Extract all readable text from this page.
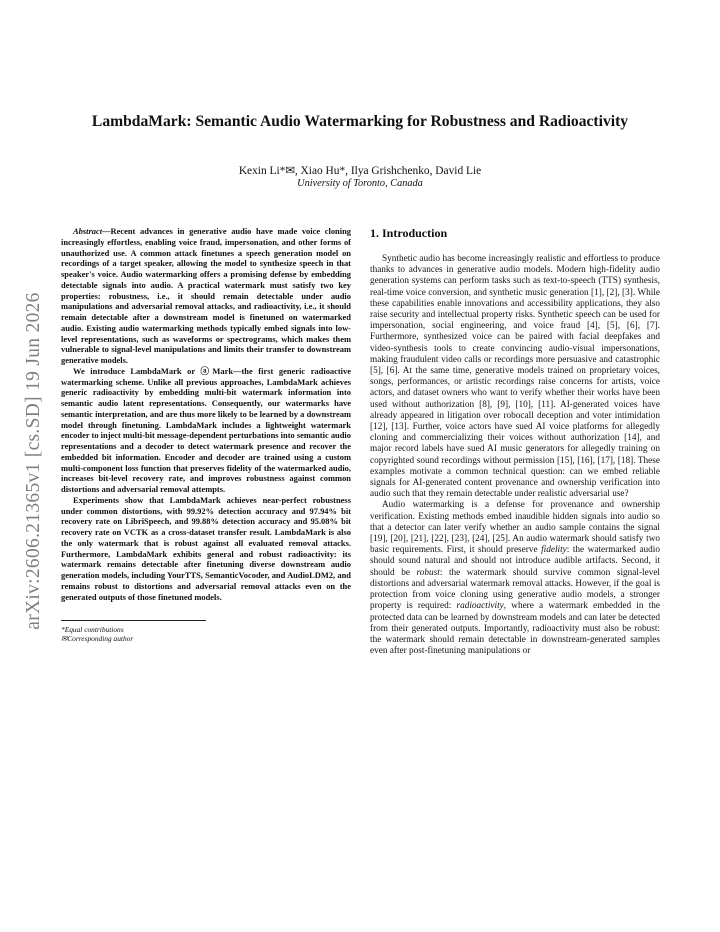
arXiv:2606.21365v1 [cs.SD] 19 Jun 2026
LambdaMark: Semantic Audio Watermarking for Robustness and Radioactivity
Kexin Li*✉, Xiao Hu*, Ilya Grishchenko, David Lie
University of Toronto, Canada

Abstract—Recent advances in generative audio have made voice cloning increasingly effortless, enabling voice fraud, impersonation, and other forms of unauthorized use. A common attack finetunes a speech generation model on recordings of a target speaker, allowing the model to synthesize speech in that speaker's voice. Audio watermarking offers a promising defense by embedding detectable signals into audio. A practical watermark must satisfy two key properties: robustness, i.e., it should remain detectable under audio manipulations and adversarial removal attacks, and radioactivity, i.e., it should remain detectable after a downstream model is finetuned on watermarked audio. Existing audio watermarking methods typically embed signals into low-level representations, such as waveforms or spectrograms, which makes them vulnerable to signal-level manipulations and limits their transfer to downstream generative models.

We introduce LambdaMark or ⓐMark—the first generic radioactive watermarking scheme. Unlike all previous approaches, LambdaMark achieves generic radioactivity by embedding multi-bit watermark information into semantic audio latent representations. Consequently, our watermarks have semantic interpretation, and are thus more likely to be learned by a downstream model through finetuning. LambdaMark includes a lightweight watermark encoder to inject multi-bit message-dependent perturbations into semantic audio representations and a decoder to detect watermark presence and recover the embedded bit information. Encoder and decoder are trained using a custom multi-component loss function that preserves fidelity of the watermarked audio, increases bit-level recovery rate, and improves robustness against common distortions and adversarial removal attempts.

Experiments show that LambdaMark achieves near-perfect robustness under common distortions, with 99.92% detection accuracy and 97.94% bit recovery rate on LibriSpeech, and 99.88% detection accuracy and 95.08% bit recovery rate on VCTK as a cross-dataset transfer result. LambdaMark is also the only watermark that is robust against all evaluated removal attacks. Furthermore, LambdaMark exhibits general and robust radioactivity: its watermark remains detectable after finetuning diverse downstream audio generation models, including YourTTS, SemanticVocoder, and AudioLDM2, and remains robust to distortions and adversarial removal attacks even on the generated outputs of those finetuned models.

*Equal contributions
✉Corresponding author
1. Introduction

Synthetic audio has become increasingly realistic and effortless to produce thanks to advances in generative audio models. Modern high-fidelity audio generation systems can perform tasks such as text-to-speech (TTS) synthesis, real-time voice conversion, and synthetic music generation [1], [2], [3]. While these capabilities enable innovations and accessibility applications, they also raise security and intellectual property risks. Synthetic speech can be used for impersonation, social engineering, and voice fraud [4], [5], [6], [7]. Furthermore, synthesized voice can be paired with facial deepfakes and video-synthesis tools to create convincing audio-visual impersonations, making fraudulent video calls or recordings more persuasive and catastrophic [5], [6]. At the same time, generative models trained on proprietary voices, songs, performances, or artistic recordings raise concerns for artists, voice actors, and dataset owners who want to verify whether their works have been used without authorization [8], [9], [10], [11]. AI-generated voices have already appeared in litigation over robocall deception and voter intimidation [12], [13]. Further, voice actors have sued AI voice platforms for allegedly cloning and commercializing their voices without authorization [14], and major record labels have sued AI music generators for allegedly training on copyrighted sound recordings without permission [15], [16], [17], [18]. These examples motivate a common technical question: can we embed reliable signals for AI-generated content provenance and ownership verification into audio such that they remain detectable under realistic adversarial use?

Audio watermarking is a defense for provenance and ownership verification. Existing methods embed inaudible hidden signals into audio so that a detector can later verify whether an audio sample contains the signal [19], [20], [21], [22], [23], [24], [25]. An audio watermark should satisfy two basic requirements. First, it should preserve fidelity: the watermarked audio should sound natural and should not introduce audible artifacts. Second, it should be robust: the watermark should survive common signal-level distortions and adversarial watermark removal attacks. However, if the goal is protection from voice cloning using generative audio models, a stronger property is required: radioactivity, where a watermark embedded in the protected data can be learned by downstream models and can later be detected from their generated outputs. Importantly, radioactivity must also be robust: the watermark should remain detectable in downstream-generated samples even after post-finetuning manipulations or
